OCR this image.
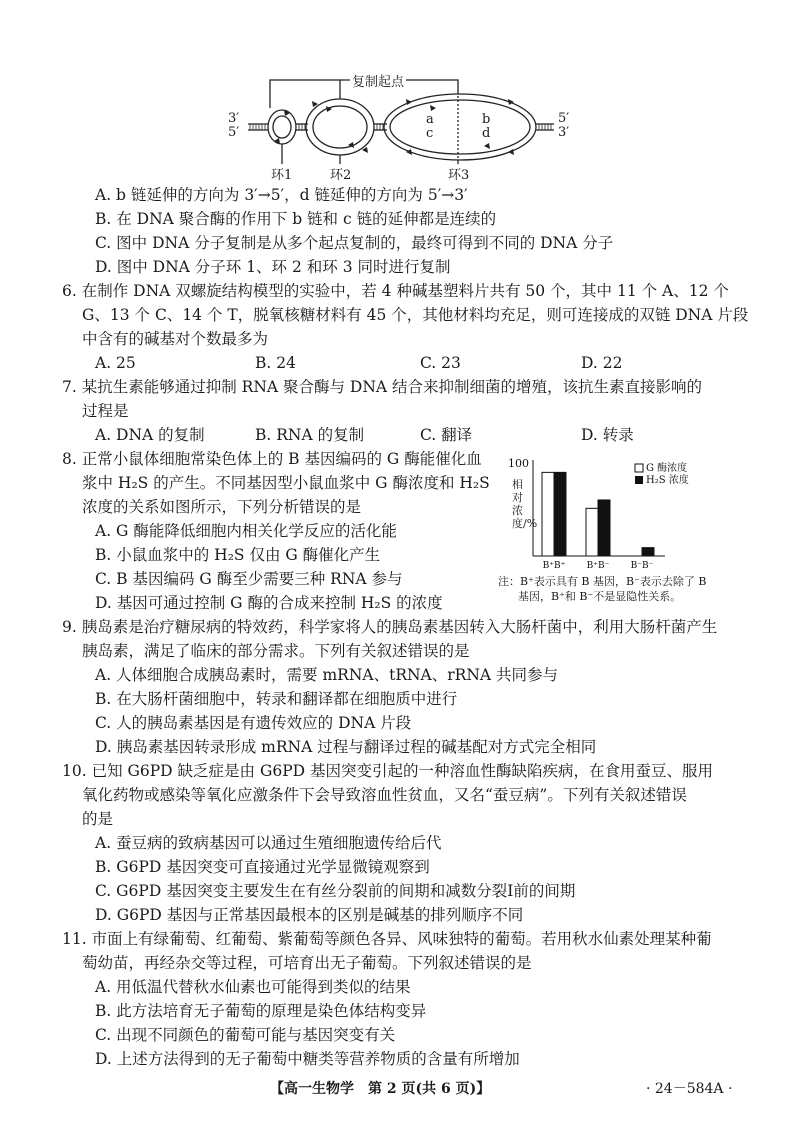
复制起点
3′
5′
5′
3′
a
c
b
d
环1	环2	环3
A. b 链延伸的方向为 3′→5′，d 链延伸的方向为 5′→3′
B. 在 DNA 聚合酶的作用下 b 链和 c 链的延伸都是连续的
C. 图中 DNA 分子复制是从多个起点复制的，最终可得到不同的 DNA 分子
D. 图中 DNA 分子环 1、环 2 和环 3 同时进行复制
6. 在制作 DNA 双螺旋结构模型的实验中，若 4 种碱基塑料片共有 50 个，其中 11 个 A、12 个
G、13 个 C、14 个 T，脱氧核糖材料有 45 个，其他材料均充足，则可连接成的双链 DNA 片段
中含有的碱基对个数最多为
A. 25	B. 24	C. 23	D. 22
7. 某抗生素能够通过抑制 RNA 聚合酶与 DNA 结合来抑制细菌的增殖，该抗生素直接影响的
过程是
A. DNA 的复制	B. RNA 的复制	C. 翻译	D. 转录
8. 正常小鼠体细胞常染色体上的 B 基因编码的 G 酶能催化血
浆中 H₂S 的产生。不同基因型小鼠血浆中 G 酶浓度和 H₂S
浓度的关系如图所示，下列分析错误的是
A. G 酶能降低细胞内相关化学反应的活化能
B. 小鼠血浆中的 H₂S 仅由 G 酶催化产生
C. B 基因编码 G 酶至少需要三种 RNA 参与
D. 基因可通过控制 G 酶的合成来控制 H₂S 的浓度
100
B⁺B⁺ B⁺B⁻ B⁻B⁻
G 酶浓度
H₂S 浓度
相对浓度/%
注：B⁺表示具有 B 基因，B⁻表示去除了 B
基因，B⁺和 B⁻不是显隐性关系。
9. 胰岛素是治疗糖尿病的特效药，科学家将人的胰岛素基因转入大肠杆菌中，利用大肠杆菌产生
胰岛素，满足了临床的部分需求。下列有关叙述错误的是
A. 人体细胞合成胰岛素时，需要 mRNA、tRNA、rRNA 共同参与
B. 在大肠杆菌细胞中，转录和翻译都在细胞质中进行
C. 人的胰岛素基因是有遗传效应的 DNA 片段
D. 胰岛素基因转录形成 mRNA 过程与翻译过程的碱基配对方式完全相同
10. 已知 G6PD 缺乏症是由 G6PD 基因突变引起的一种溶血性酶缺陷疾病，在食用蚕豆、服用
氧化药物或感染等氧化应激条件下会导致溶血性贫血，又名“蚕豆病”。下列有关叙述错误
的是
A. 蚕豆病的致病基因可以通过生殖细胞遗传给后代
B. G6PD 基因突变可直接通过光学显微镜观察到
C. G6PD 基因突变主要发生在有丝分裂前的间期和减数分裂Ⅰ前的间期
D. G6PD 基因与正常基因最根本的区别是碱基的排列顺序不同
11. 市面上有绿葡萄、红葡萄、紫葡萄等颜色各异、风味独特的葡萄。若用秋水仙素处理某种葡
萄幼苗，再经杂交等过程，可培育出无子葡萄。下列叙述错误的是
A. 用低温代替秋水仙素也可能得到类似的结果
B. 此方法培育无子葡萄的原理是染色体结构变异
C. 出现不同颜色的葡萄可能与基因突变有关
D. 上述方法得到的无子葡萄中糖类等营养物质的含量有所增加
【高一生物学　第 2 页(共 6 页)】	· 24－584A ·
